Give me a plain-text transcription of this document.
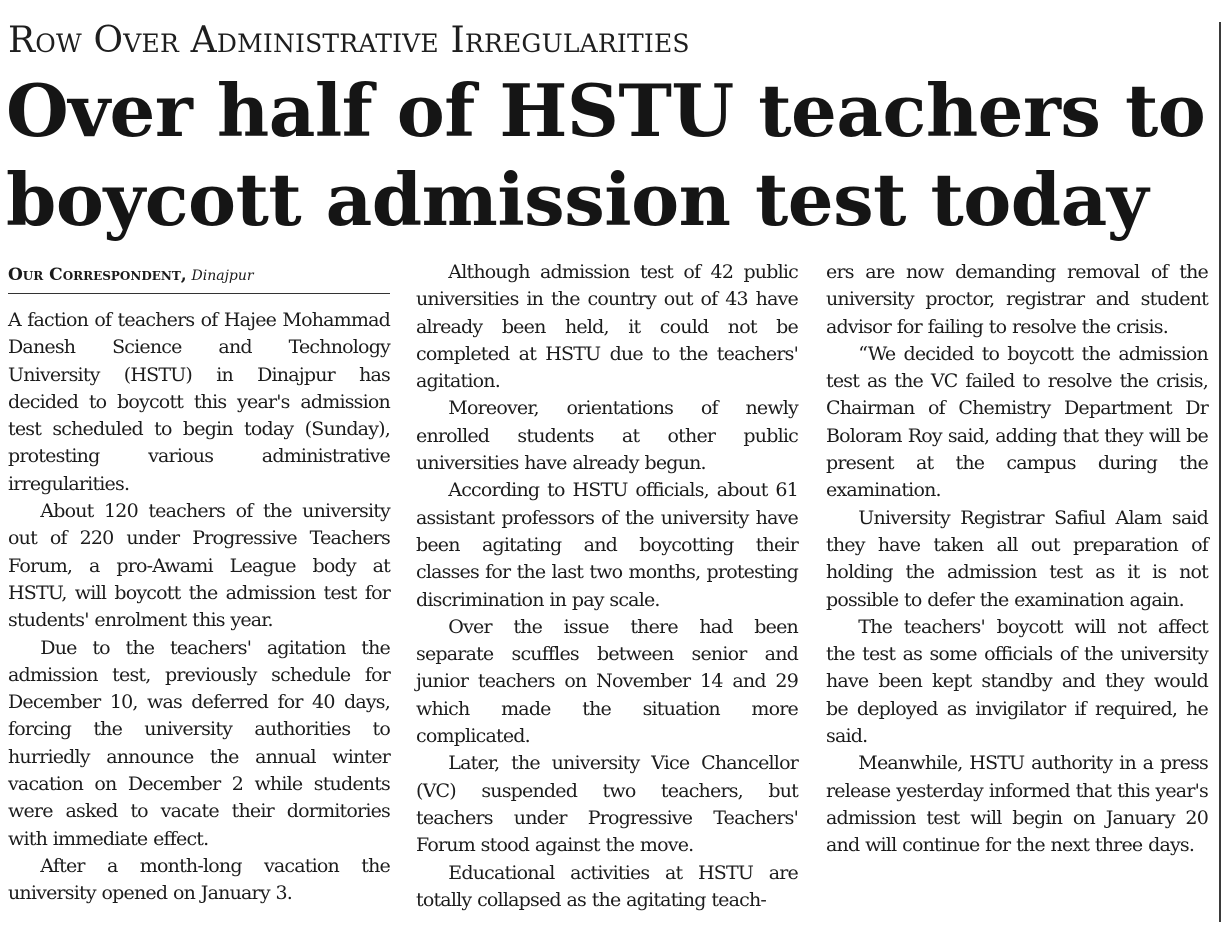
Row Over Administrative Irregularities
Over half of HSTU teachers to boycott admission test today
Our Correspondent, Dinajpur

A faction of teachers of Hajee Mohammad Danesh Science and Technology University (HSTU) in Dinajpur has decided to boycott this year's admission test scheduled to begin today (Sunday), protesting various administrative irregularities.

About 120 teachers of the university out of 220 under Progressive Teachers Forum, a pro-Awami League body at HSTU, will boycott the admission test for students' enrolment this year.

Due to the teachers' agitation the admission test, previously schedule for December 10, was deferred for 40 days, forcing the university authorities to hurriedly announce the annual winter vacation on December 2 while students were asked to vacate their dormitories with immediate effect.

After a month-long vacation the university opened on January 3.

Although admission test of 42 public universities in the country out of 43 have already been held, it could not be completed at HSTU due to the teachers' agitation.

Moreover, orientations of newly enrolled students at other public universities have already begun.

According to HSTU officials, about 61 assistant professors of the university have been agitating and boycotting their classes for the last two months, protesting discrimination in pay scale.

Over the issue there had been separate scuffles between senior and junior teachers on November 14 and 29 which made the situation more complicated.

Later, the university Vice Chancellor (VC) suspended two teachers, but teachers under Progressive Teachers' Forum stood against the move.

Educational activities at HSTU are totally collapsed as the agitating teach-

ers are now demanding removal of the university proctor, registrar and student advisor for failing to resolve the crisis.

“We decided to boycott the admission test as the VC failed to resolve the crisis, Chairman of Chemistry Department Dr Boloram Roy said, adding that they will be present at the campus during the examination.

University Registrar Safiul Alam said they have taken all out preparation of holding the admission test as it is not possible to defer the examination again.

The teachers' boycott will not affect the test as some officials of the university have been kept standby and they would be deployed as invigilator if required, he said.

Meanwhile, HSTU authority in a press release yesterday informed that this year's admission test will begin on January 20 and will continue for the next three days.
